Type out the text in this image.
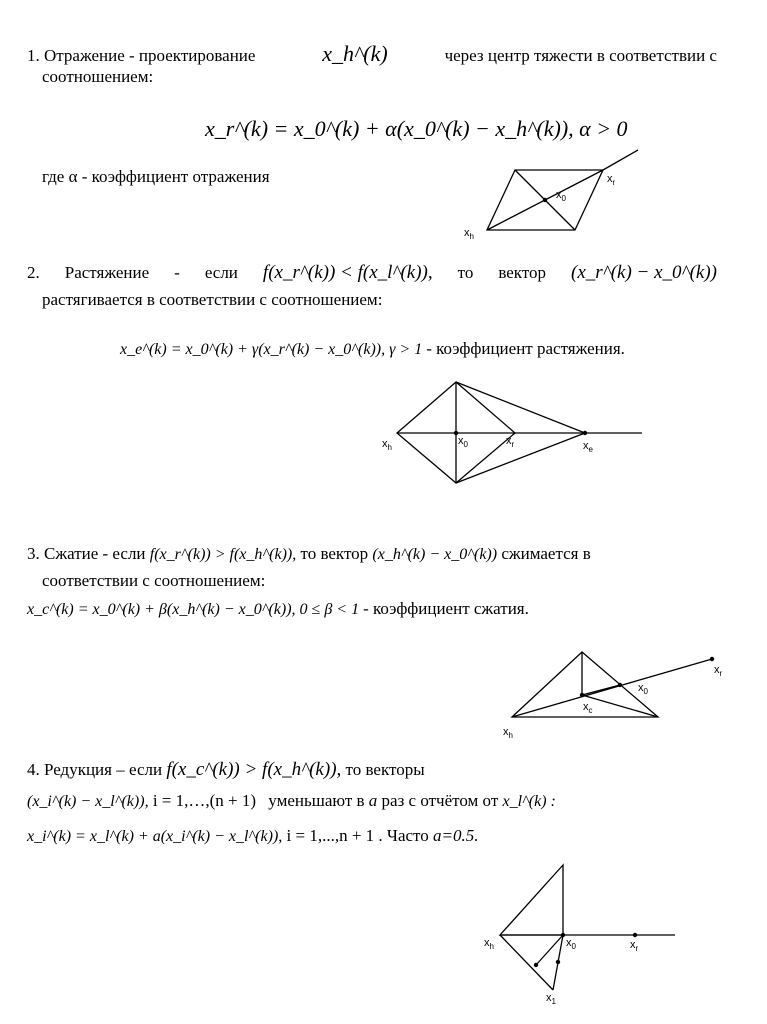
1. Отражение - проектирование	x_h^(k)	через центр тяжести в соответствии с
соотношением:
x_r^(k) = x_0^(k) + α(x_0^(k) − x_h^(k)), α > 0
где α - коэффициент отражения
$x_0$
$x_r$
$x_h$
2. Растяжение - если f(x_r^(k)) < f(x_l^(k)), то вектор (x_r^(k) − x_0^(k))
растягивается в соответствии с соотношением:
x_e^(k) = x_0^(k) + γ(x_r^(k) − x_0^(k)), γ > 1 - коэффициент растяжения.
$x_h$
$x_0$	$x_r$	$x_e$
3. Сжатие - если f(x_r^(k)) > f(x_h^(k)), то вектор (x_h^(k) − x_0^(k)) сжимается в
соответствии с соотношением:
x_c^(k) = x_0^(k) + β(x_h^(k) − x_0^(k)), 0 ≤ β < 1 - коэффициент сжатия.
$x_r$
$x_0$
$x_c$
$x_h$
4. Редукция – если f(x_c^(k)) > f(x_h^(k)), то векторы
(x_i^(k) − x_l^(k)), i = 1,…,(n + 1) уменьшают в a раз с отчётом от x_l^(k) :
x_i^(k) = x_l^(k) + a(x_i^(k) − x_l^(k)), i = 1,...,n + 1 . Часто a=0.5.
$x_h$	$x_0$	$x_r$
$x_1$
